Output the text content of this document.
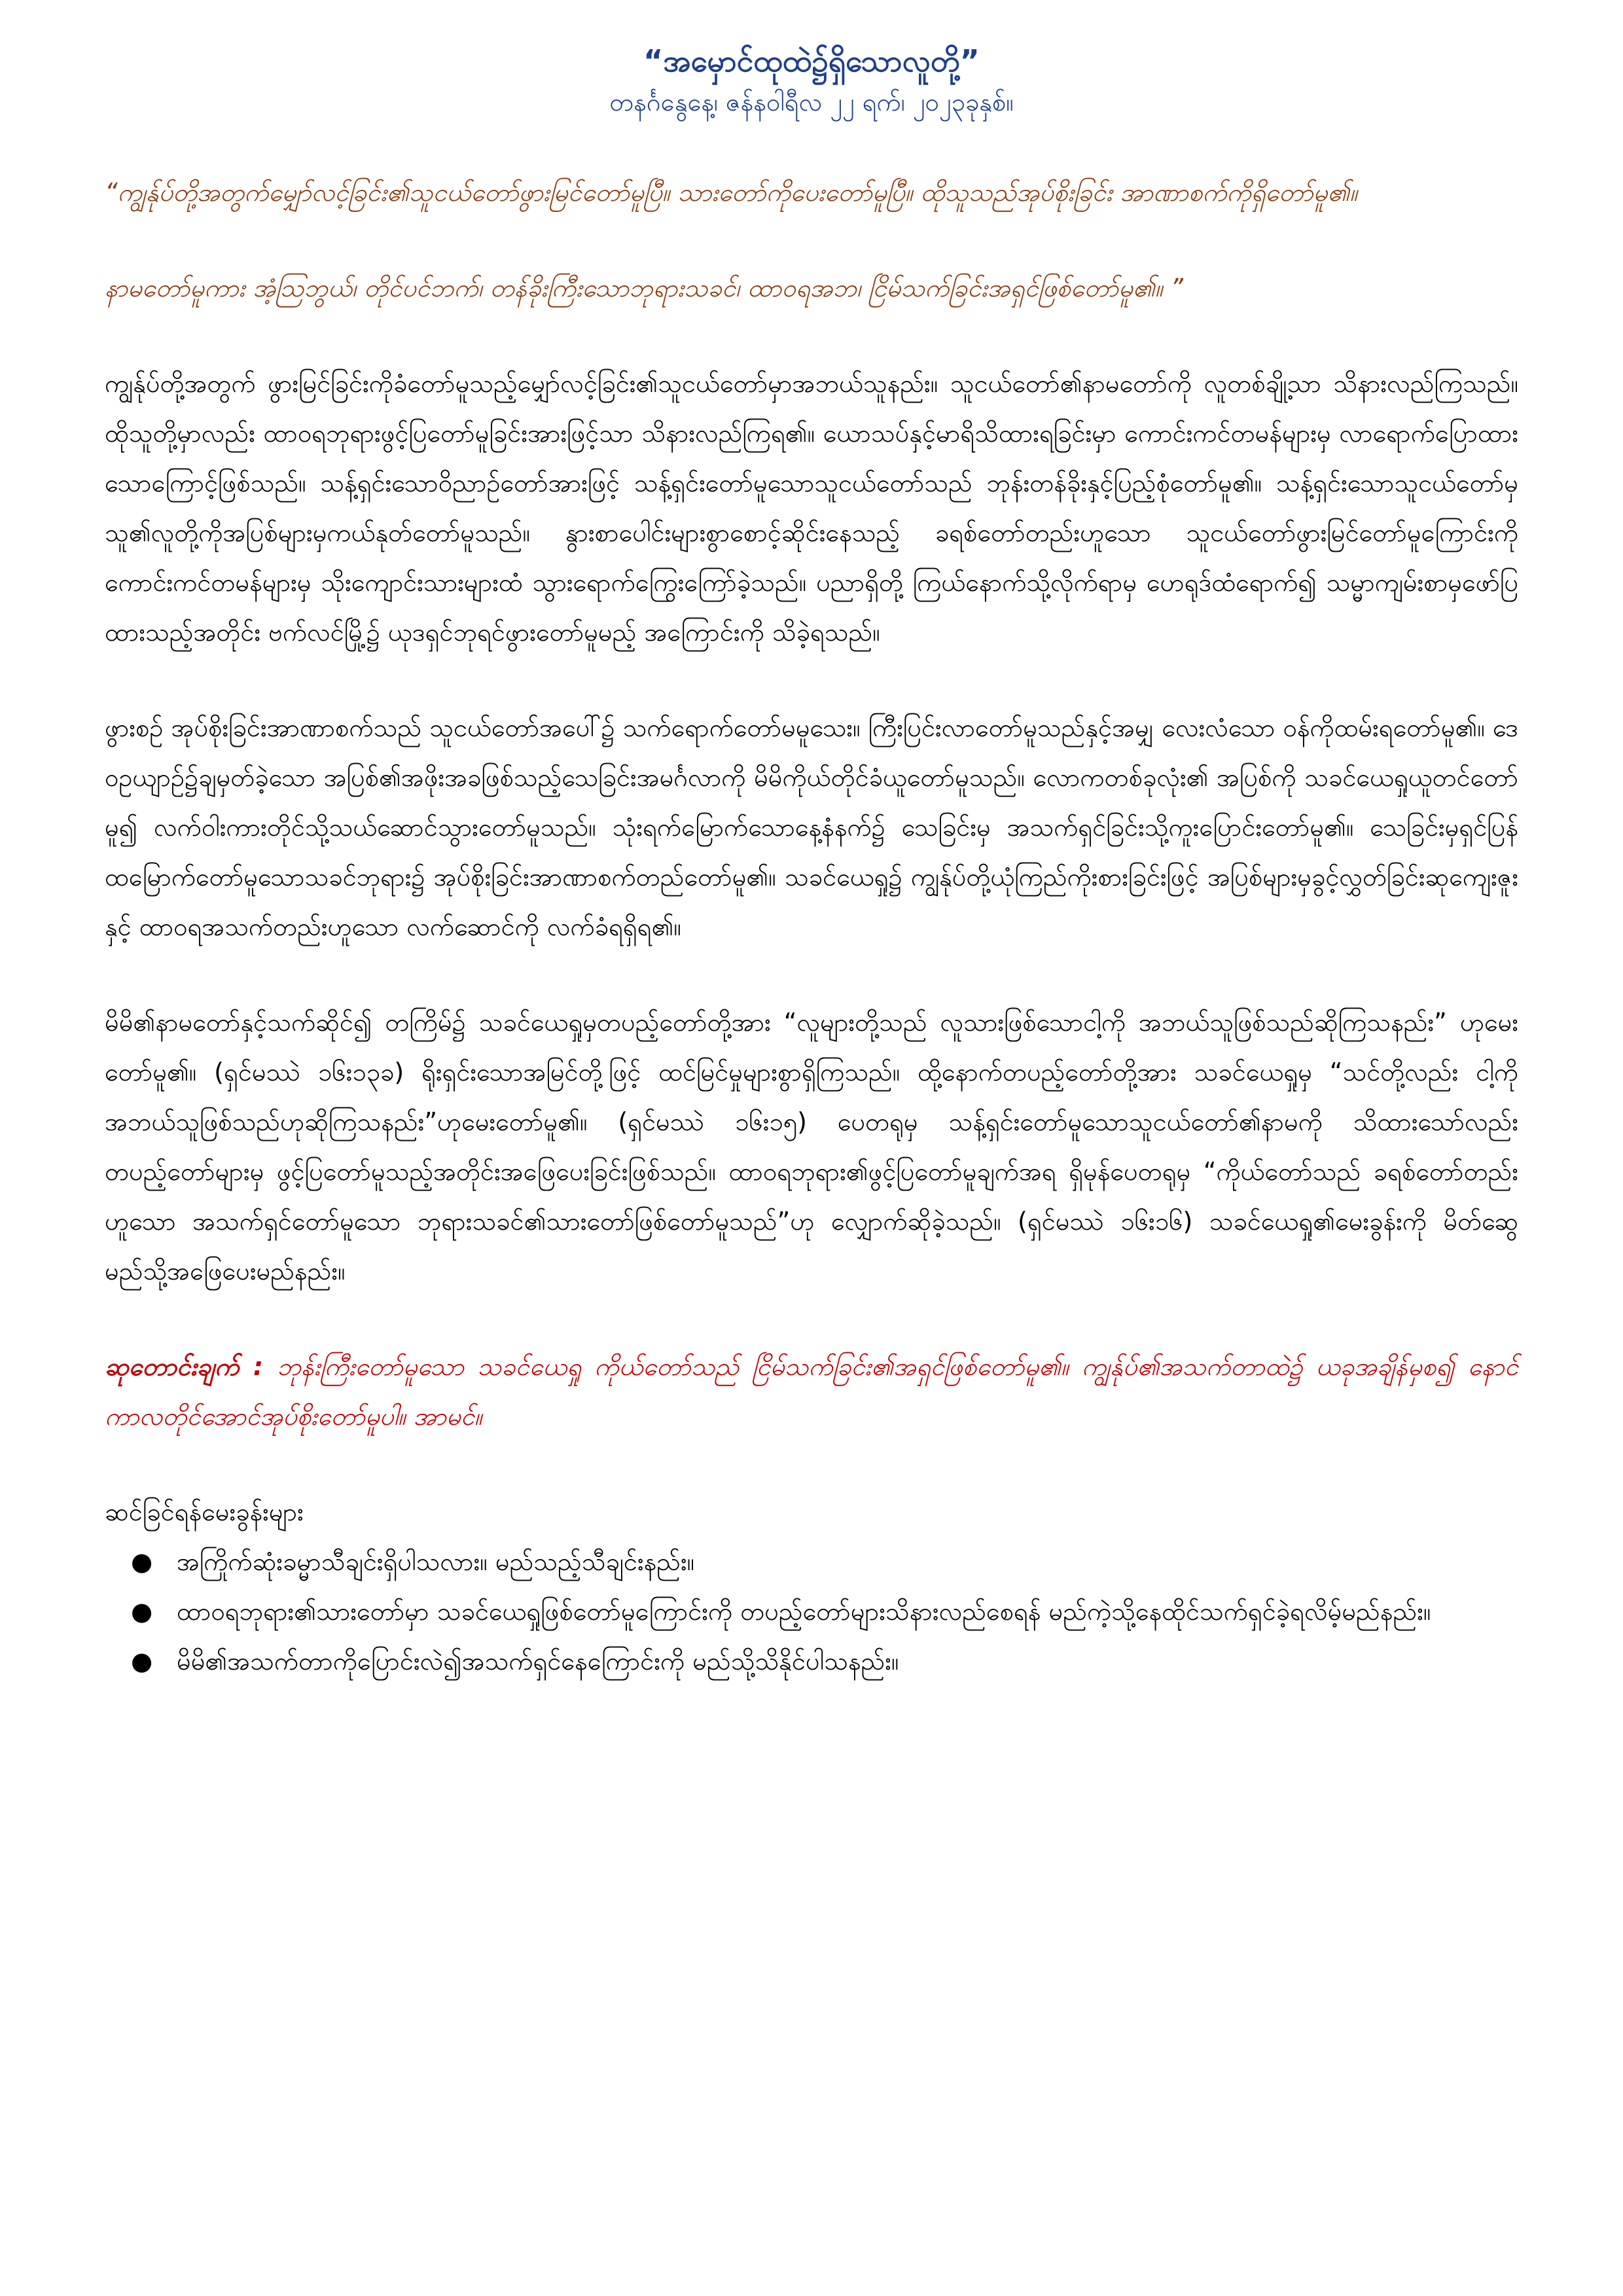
“အမှောင်ထုထဲ၌ရှိသောလူတို့”

တနင်္ဂနွေနေ့၊ ဇန်နဝါရီလ ၂၂ ရက်၊ ၂၀၂၃ခုနှစ်။

“ကျွန်ုပ်တို့အတွက်မျှော်လင့်ခြင်း၏သူငယ်တော်ဖွားမြင်တော်မူပြီ။ သားတော်ကိုပေးတော်မူပြီ။ ထိုသူသည်အုပ်စိုးခြင်း အာဏာစက်ကိုရှိတော်မူ၏။

နာမတော်မူကား အံ့ဩဘွယ်၊ တိုင်ပင်ဘက်၊ တန်ခိုးကြီးသောဘုရားသခင်၊ ထာဝရအဘ၊ ငြိမ်သက်ခြင်းအရှင်ဖြစ်တော်မူ၏။ ”

ကျွန်ုပ်တို့အတွက် ဖွားမြင်ခြင်းကိုခံတော်မူသည့်မျှော်လင့်ခြင်း၏သူငယ်တော်မှာအဘယ်သူနည်း။ သူငယ်တော်၏နာမတော်ကို လူတစ်ချို့သာ သိနားလည်ကြသည်။ ထိုသူတို့မှာလည်း ထာဝရဘုရားဖွင့်ပြတော်မူခြင်းအားဖြင့်သာ သိနားလည်ကြရ၏။ ယောသပ်နှင့်မာရိသိထားရခြင်းမှာ ကောင်းကင်တမန်များမှ လာရောက်ပြောထားသောကြောင့်ဖြစ်သည်။ သန့်ရှင်းသောဝိညာဉ်တော်အားဖြင့် သန့်ရှင်းတော်မူသောသူငယ်တော်သည် ဘုန်းတန်ခိုးနှင့်ပြည့်စုံတော်မူ၏။ သန့်ရှင်းသောသူငယ်တော်မှ သူ၏လူတို့ကိုအပြစ်များမှကယ်နုတ်တော်မူသည်။ နွားစာပေါင်းများစွာစောင့်ဆိုင်းနေသည့် ခရစ်တော်တည်းဟူသော သူငယ်တော်ဖွားမြင်တော်မူကြောင်းကို ကောင်းကင်တမန်များမှ သိုးကျောင်းသားများထံ သွားရောက်ကြွေးကြော်ခဲ့သည်။ ပညာရှိတို့ ကြယ်နောက်သို့လိုက်ရာမှ ဟေရုဒ်ထံရောက်၍ သမ္မာကျမ်းစာမှဖော်ပြထားသည့်အတိုင်း ဗက်လင်မြို့၌ ယုဒရှင်ဘုရင်ဖွားတော်မူမည့် အကြောင်းကို သိခဲ့ရသည်။

ဖွားစဉ် အုပ်စိုးခြင်းအာဏာစက်သည် သူငယ်တော်အပေါ်၌ သက်ရောက်တော်မမူသေး။ ကြီးပြင်းလာတော်မူသည်နှင့်အမျှ လေးလံသော ဝန်ကိုထမ်းရတော်မူ၏။ ဒေဝဥယျာဉ်၌ချမှတ်ခဲ့သော အပြစ်၏အဖိုးအခဖြစ်သည့်သေခြင်းအမင်္ဂလာကို မိမိကိုယ်တိုင်ခံယူတော်မူသည်။ လောကတစ်ခုလုံး၏ အပြစ်ကို သခင်ယေရှုယူတင်တော်မူ၍ လက်ဝါးကားတိုင်သို့သယ်ဆောင်သွားတော်မူသည်။ သုံးရက်မြောက်သောနေ့နံနက်၌ သေခြင်းမှ အသက်ရှင်ခြင်းသို့ကူးပြောင်းတော်မူ၏။ သေခြင်းမှရှင်ပြန်ထမြောက်တော်မူသောသခင်ဘုရား၌ အုပ်စိုးခြင်းအာဏာစက်တည်တော်မူ၏။ သခင်ယေရှု၌ ကျွန်ုပ်တို့ယုံကြည်ကိုးစားခြင်းဖြင့် အပြစ်များမှခွင့်လွှတ်ခြင်းဆုကျေးဇူးနှင့် ထာဝရအသက်တည်းဟူသော လက်ဆောင်ကို လက်ခံရရှိရ၏။

မိမိ၏နာမတော်နှင့်သက်ဆိုင်၍ တကြိမ်၌ သခင်ယေရှုမှတပည့်တော်တို့အား “လူများတို့သည် လူသားဖြစ်သောငါ့ကို အဘယ်သူဖြစ်သည်ဆိုကြသနည်း” ဟုမေးတော်မူ၏။ (ရှင်မဿဲ ၁၆း၁၃ခ) ရိုးရှင်းသောအမြင်တို့ဖြင့် ထင်မြင်မှုများစွာရှိကြသည်။ ထို့နောက်တပည့်တော်တို့အား သခင်ယေရှုမှ “သင်တို့လည်း ငါ့ကိုအဘယ်သူဖြစ်သည်ဟုဆိုကြသနည်း”ဟုမေးတော်မူ၏။ (ရှင်မဿဲ ၁၆း၁၅) ပေတရုမှ သန့်ရှင်းတော်မူသောသူငယ်တော်၏နာမကို သိထားသော်လည်း တပည့်တော်များမှ ဖွင့်ပြတော်မူသည့်အတိုင်းအဖြေပေးခြင်းဖြစ်သည်။ ထာဝရဘုရား၏ဖွင့်ပြတော်မူချက်အရ ရှိမုန်ပေတရုမှ “ကိုယ်တော်သည် ခရစ်တော်တည်းဟူသော အသက်ရှင်တော်မူသော ဘုရားသခင်၏သားတော်ဖြစ်တော်မူသည်”ဟု လျှောက်ဆိုခဲ့သည်။ (ရှင်မဿဲ ၁၆း၁၆) သခင်ယေရှု၏မေးခွန်းကို မိတ်ဆွေမည်သို့အဖြေပေးမည်နည်း။

ဆုတောင်းချက် : ဘုန်းကြီးတော်မူသော သခင်ယေရှု ကိုယ်တော်သည် ငြိမ်သက်ခြင်း၏အရှင်ဖြစ်တော်မူ၏။ ကျွန်ုပ်၏အသက်တာထဲ၌ ယခုအချိန်မှစ၍ နောင်ကာလတိုင်အောင်အုပ်စိုးတော်မူပါ။ အာမင်။

ဆင်ခြင်ရန်မေးခွန်းများ

● အကြိုက်ဆုံးခမ္မာသီချင်းရှိပါသလား။ မည်သည့်သီချင်းနည်း။
● ထာဝရဘုရား၏သားတော်မှာ သခင်ယေရှုဖြစ်တော်မူကြောင်းကို တပည့်တော်များသိနားလည်စေရန် မည်ကဲ့သို့နေထိုင်သက်ရှင်ခဲ့ရလိမ့်မည်နည်း။
● မိမိ၏အသက်တာကိုပြောင်းလဲ၍အသက်ရှင်နေကြောင်းကို မည်သို့သိနိုင်ပါသနည်း။
